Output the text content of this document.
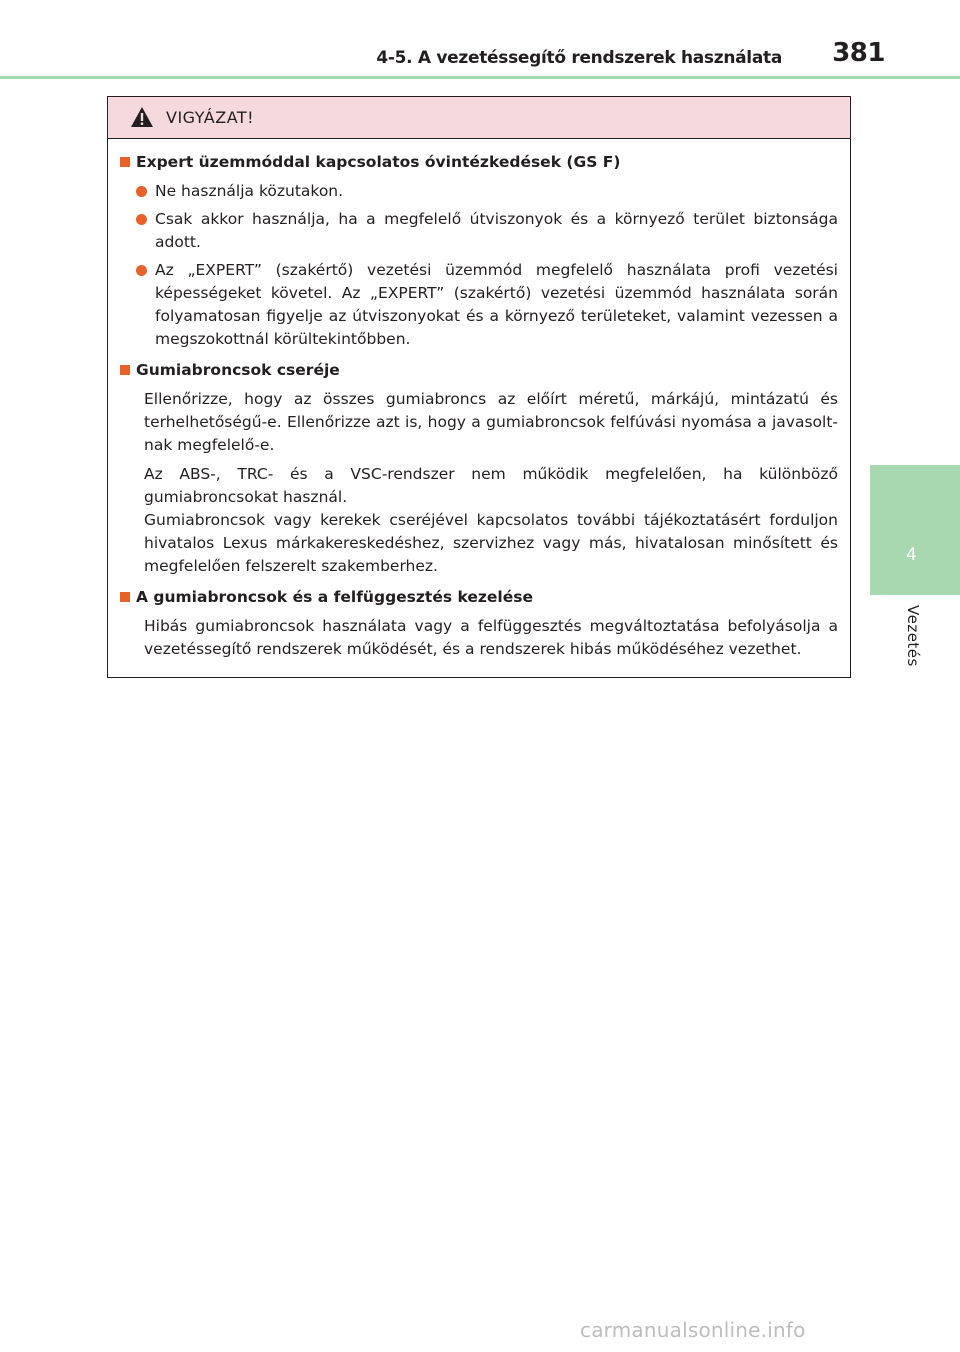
4-5. A vezetéssegítő rendszerek használata 381
4
Vezetés
VIGYÁZAT!
Expert üzemmóddal kapcsolatos óvintézkedések (GS F)
Ne használja közutakon.
Csak akkor használja, ha a megfelelő útviszonyok és a környező terület biztonsága adott.
Az „EXPERT” (szakértő) vezetési üzemmód megfelelő használata profi vezetési képességeket követel. Az „EXPERT” (szakértő) vezetési üzemmód használata során folyamatosan figyelje az útviszonyokat és a környező területeket, valamint vezessen a megszokottnál körültekintőbben.
Gumiabroncsok cseréje
Ellenőrizze, hogy az összes gumiabroncs az előírt méretű, márkájú, mintázatú és terhelhetőségű-e. Ellenőrizze azt is, hogy a gumiabroncsok felfúvási nyomása a javasolt-nak megfelelő-e.
Az ABS-, TRC- és a VSC-rendszer nem működik megfelelően, ha különböző gumiabroncsokat használ.
Gumiabroncsok vagy kerekek cseréjével kapcsolatos további tájékoztatásért forduljon hivatalos Lexus márkakereskedéshez, szervizhez vagy más, hivatalosan minősített és megfelelően felszerelt szakemberhez.
A gumiabroncsok és a felfüggesztés kezelése
Hibás gumiabroncsok használata vagy a felfüggesztés megváltoztatása befolyásolja a vezetéssegítő rendszerek működését, és a rendszerek hibás működéséhez vezethet.
carmanualsonline.info
